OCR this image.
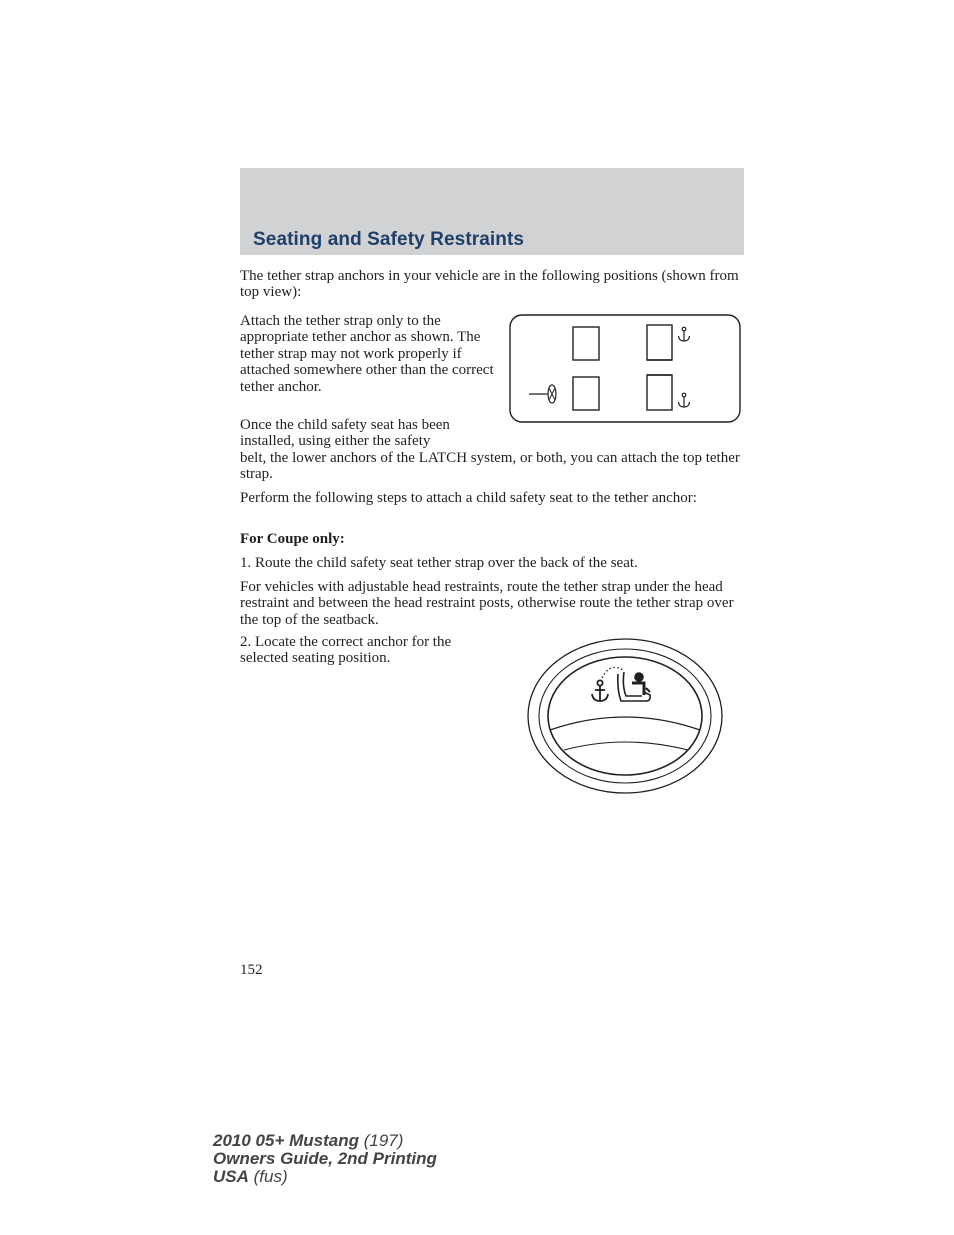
Seating and Safety Restraints

The tether strap anchors in your vehicle are in the following positions (shown from top view):

Attach the tether strap only to the appropriate tether anchor as shown. The tether strap may not work properly if attached somewhere other than the correct tether anchor.

Once the child safety seat has been installed, using either the safety

belt, the lower anchors of the LATCH system, or both, you can attach the top tether strap.

Perform the following steps to attach a child safety seat to the tether anchor:

For Coupe only:

1. Route the child safety seat tether strap over the back of the seat.

For vehicles with adjustable head restraints, route the tether strap under the head restraint and between the head restraint posts, otherwise route the tether strap over the top of the seatback.

2. Locate the correct anchor for the selected seating position.

152

2010 05+ Mustang (197)
Owners Guide, 2nd Printing
USA (fus)
